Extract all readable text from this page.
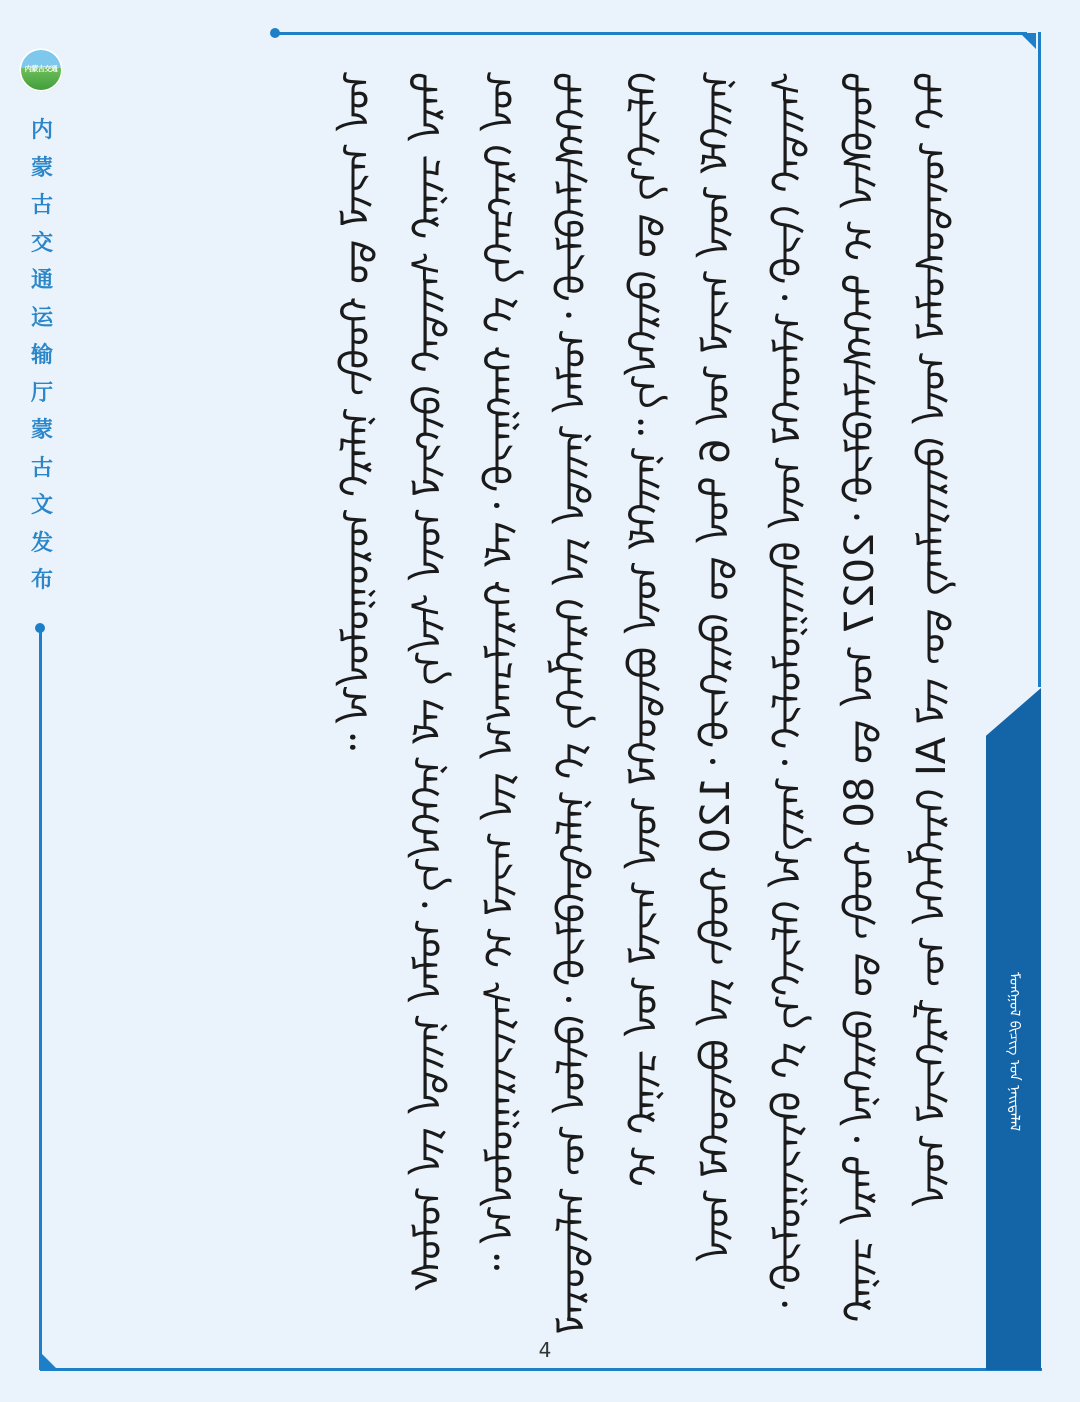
内蒙古交通
内
蒙
古
交
通
运
输
厅
蒙
古
文
发
布
ᠮᠣᠩᠭᠣᠯ ᠪᠢᠴᠢᠭ ᠤᠨ ᠨᠡᠢᠳᠡᠯᠡᠯ
ᠲᠠᠢ ᠦᠨᠳᠦᠰᠦᠯᠡᠯ ᠦᠨ ᠬᠦᠷᠢᠶᠡᠯᠡᠩ ᠳᠦ ᠵᠢᠯ AI ᠬᠡᠷᠡᠭᠯᠡᠭᠡᠨ ᠦ ᠮᠡᠷᠭᠡᠵᠢᠯ ᠦᠨ ᠲᠦᠪᠰᠢᠨ ᠢ ᠳᠡᠭᠡᠭᠰᠢᠯᠡᠭᠦᠯᠵᠦ᠂ 2027 ᠣᠨ ᠳᠤ 80 ᠬᠤᠪᠢ ᠳᠤ ᠬᠦᠷᠭᠡᠨᠡ᠂ ᠲᠡᠷᠡ ᠴᠢᠨᠠᠷ ᠰᠠᠢᠲᠠᠢ ᠬᠢᠵᠦ᠂ ᠢᠯᠡᠳᠭᠡᠯ ᠦᠨ ᠪᠠᠢᠢᠭᠤᠯᠤᠮᠵᠢ᠂ ᠠᠷᠭ᠎ᠠ ᠬᠡᠮᠵᠢᠶ᠎ᠡ ᠶᠢ ᠪᠠᠶᠠᠵᠢᠭᠤᠯᠵᠤ᠂ ᠨᠡᠢᠭᠡᠮ ᠦᠨ ᠠᠵᠢᠯ ᠤᠨ 6 ᠲᠣᠨ ᠳᠤ ᠬᠦᠷᠭᠡᠵᠦ᠂ 120 ᠬᠤᠪᠢ ᠶᠢᠨ ᠪᠦᠲᠦᠭᠡᠯ ᠦᠨ ᠬᠡᠮᠵᠢᠶ᠎ᠡ ᠳᠤ ᠬᠦᠷᠭᠡᠨ᠎ᠡ᠃ ᠨᠡᠢᠭᠡᠮ ᠦᠨ ᠪᠦᠲᠦᠭᠡᠯ ᠦᠨ ᠠᠵᠢᠯ ᠤᠨ ᠴᠢᠨᠠᠷ ᠢ ᠳᠡᠭᠡᠭᠰᠢᠯᠡᠭᠦᠯᠵᠦ᠂ ᠣᠯᠠᠨ ᠨᠡᠢᠲᠡ ᠶᠢᠨ ᠬᠡᠷᠡᠭᠯᠡᠭᠡ ᠶᠢ ᠨᠡᠮᠡᠭᠳᠡᠭᠦᠯᠵᠦ᠂ ᠬᠦᠮᠦᠨ ᠦ ᠠᠮᠢᠳᠤᠷᠠᠯ ᠤᠨ ᠬᠡᠷᠡᠭᠴᠡᠭᠡ ᠶᠢ ᠬᠠᠩᠭᠠᠵᠤ᠂ ᠵᠠᠮ ᠬᠠᠷᠢᠯᠴᠠᠭ᠎ᠠ ᠶᠢᠨ ᠠᠵᠢᠯ ᠢ ᠰᠠᠶᠢᠵᠢᠷᠠᠭᠤᠯᠤᠨ᠎ᠠ᠃ ᠲᠡᠷᠡ ᠴᠢᠨᠠᠷ ᠰᠠᠢᠲᠠᠢ ᠬᠦᠭᠵᠢᠯ ᠦᠨ ᠰᠢᠨ᠎ᠡ ᠵᠠᠮ ᠨᠡᠭᠡᠭᠡᠨ᠎ᠡ᠂ ᠣᠯᠠᠨ ᠨᠡᠢᠲᠡ ᠶᠢᠨ ᠤᠯᠤᠰ ᠤᠨ ᠠᠵᠢᠯ ᠳᠤ ᠬᠤᠪᠢ ᠨᠡᠮᠡᠷᠢ ᠣᠷᠣᠭᠤᠯᠤᠨ᠎ᠠ᠃
4
